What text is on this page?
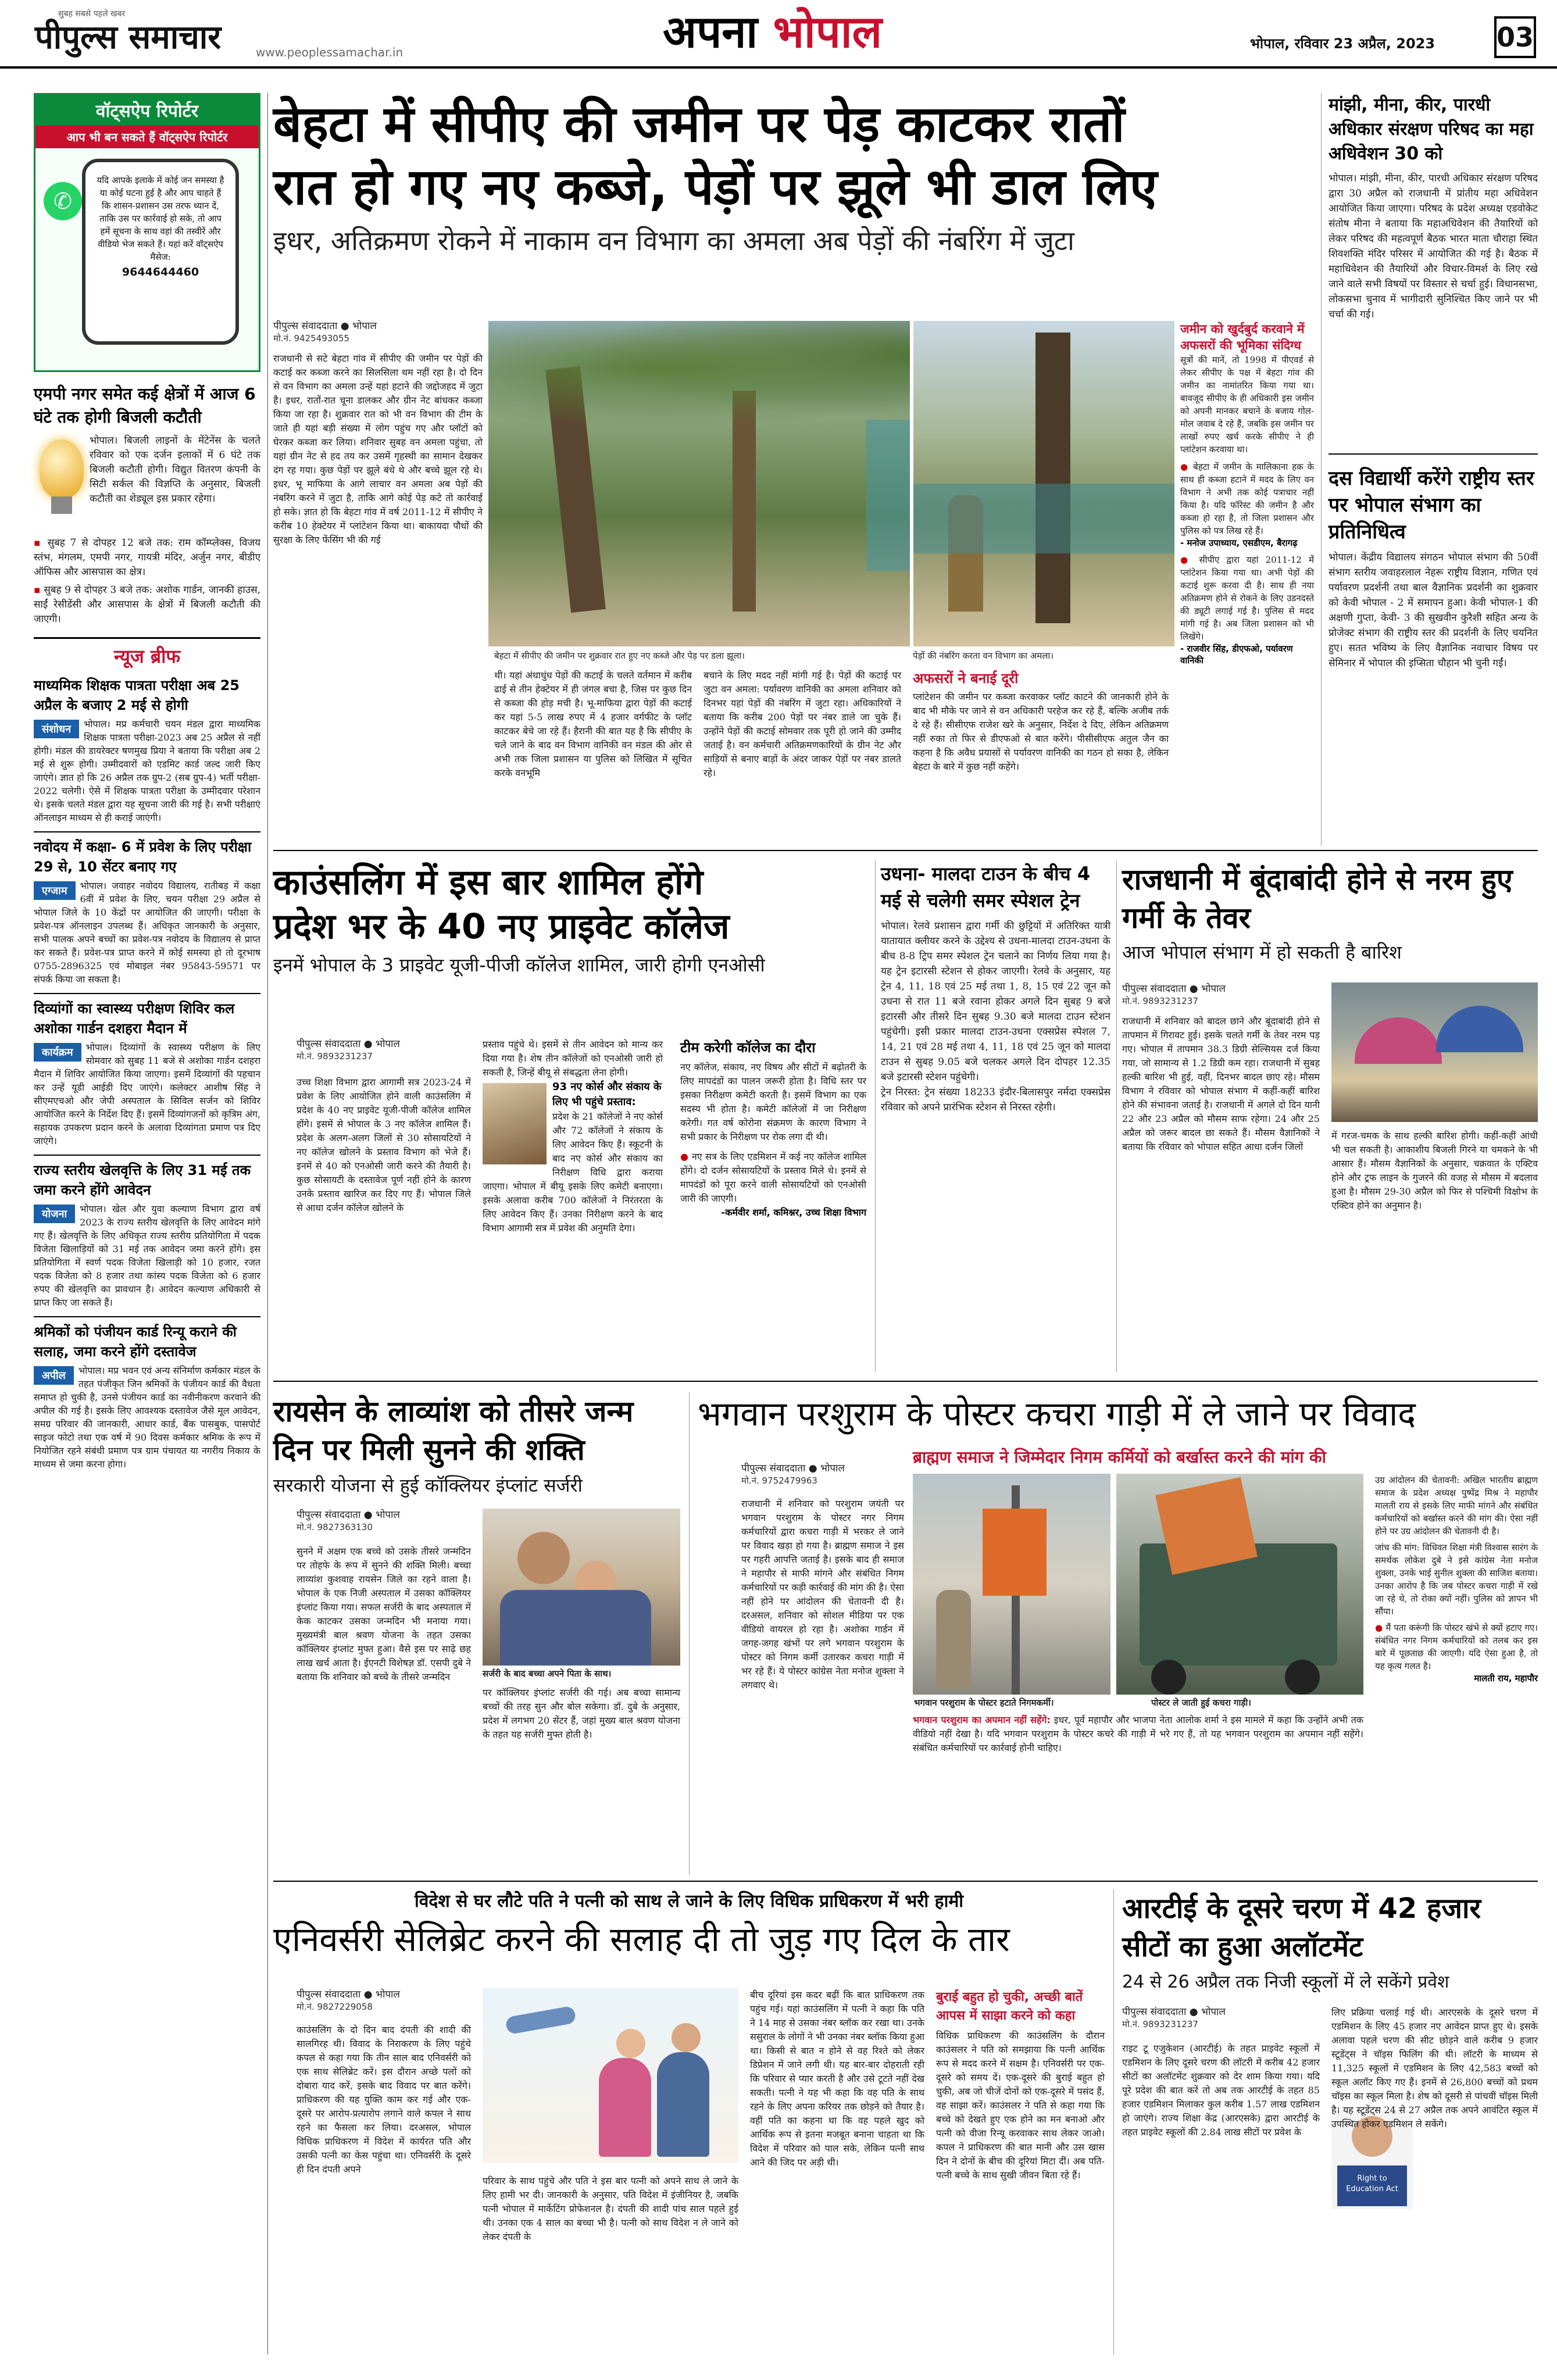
सुबह सबसे पहले खबर
पीपुल्स समाचार	www.peoplessamachar.in	अपना भोपाल	भोपाल, रविवार 23 अप्रैल, 2023 03
वॉट्सऐप रिपोर्टर
आप भी बन सकते हैं वॉट्सऐप रिपोर्टर
✆
यदि आपके इलाके में कोई जन समस्या है या कोई घटना हुई है और आप चाहते हैं कि शासन-प्रशासन उस तरफ ध्यान दें, ताकि उस पर कार्रवाई हो सके, तो आप हमें सूचना के साथ वहां की तस्वीरें और वीडियो भेज सकते हैं। यहां करें वॉट्सऐप मैसेज:
9644644460
एमपी नगर समेत कई क्षेत्रों में आज 6 घंटे तक होगी बिजली कटौती
भोपाल। बिजली लाइनों के मेंटेनेंस के चलते रविवार को एक दर्जन इलाकों में 6 घंटे तक बिजली कटौती होगी। विद्युत वितरण कंपनी के सिटी सर्कल की विज्ञप्ति के अनुसार, बिजली कटौती का शेड्यूल इस प्रकार रहेगा।
▪ सुबह 7 से दोपहर 12 बजे तक: राम कॉम्प्लेक्स, विजय स्तंभ, मंगलम, एमपी नगर, गायत्री मंदिर, अर्जुन नगर, बीडीए ऑफिस और आसपास का क्षेत्र।
▪ सुबह 9 से दोपहर 3 बजे तक: अशोक गार्डन, जानकी हाउस, साईं रेसीडेंसी और आसपास के क्षेत्रों में बिजली कटौती की जाएगी।
न्यूज ब्रीफ
माध्यमिक शिक्षक पात्रता परीक्षा अब 25 अप्रैल के बजाए 2 मई से होगी
संशोधन	भोपाल। मप्र कर्मचारी चयन मंडल द्वारा माध्यमिक शिक्षक पात्रता परीक्षा-2023 अब 25 अप्रैल से नहीं होगी। मंडल की डायरेक्टर षणमुख प्रिया ने बताया कि परीक्षा अब 2 मई से शुरू होगी। उम्मीदवारों को एडमिट कार्ड जल्द जारी किए जाएंगे। ज्ञात हो कि 26 अप्रैल तक ग्रुप-2 (सब ग्रुप-4) भर्ती परीक्षा- 2022 चलेगी। ऐसे में शिक्षक पात्रता परीक्षा के उम्मीदवार परेशान थे। इसके चलते मंडल द्वारा यह सूचना जारी की गई है। सभी परीक्षाएं ऑनलाइन माध्यम से ही कराई जाएंगी।
नवोदय में कक्षा- 6 में प्रवेश के लिए परीक्षा 29 से, 10 सेंटर बनाए गए
एग्जाम	भोपाल। जवाहर नवोदय विद्यालय, रातीबड़ में कक्षा 6वीं में प्रवेश के लिए, चयन परीक्षा 29 अप्रैल से भोपाल जिले के 10 केंद्रों पर आयोजित की जाएगी। परीक्षा के प्रवेश-पत्र ऑनलाइन उपलब्ध हैं। अधिकृत जानकारी के अनुसार, सभी पालक अपने बच्चों का प्रवेश-पत्र नवोदय के विद्यालय से प्राप्त कर सकते हैं। प्रवेश-पत्र प्राप्त करने में कोई समस्या हो तो दूरभाष 0755-2896325 एवं मोबाइल नंबर 95843-59571 पर संपर्क किया जा सकता है।
दिव्यांगों का स्वास्थ्य परीक्षण शिविर कल अशोका गार्डन दशहरा मैदान में
कार्यक्रम	भोपाल। दिव्यांगों के स्वास्थ्य परीक्षण के लिए सोमवार को सुबह 11 बजे से अशोका गार्डन दशहरा मैदान में शिविर आयोजित किया जाएगा। इसमें दिव्यांगों की पहचान कर उन्हें यूडी आईडी दिए जाएंगे। कलेक्टर आशीष सिंह ने सीएमएचओ और जेपी अस्पताल के सिविल सर्जन को शिविर आयोजित करने के निर्देश दिए हैं। इसमें दिव्यांगजनों को कृत्रिम अंग, सहायक उपकरण प्रदान करने के अलावा दिव्यांगता प्रमाण पत्र दिए जाएंगे।
राज्य स्तरीय खेलवृत्ति के लिए 31 मई तक जमा करने होंगे आवेदन
योजना	भोपाल। खेल और युवा कल्याण विभाग द्वारा वर्ष 2023 के राज्य स्तरीय खेलवृत्ति के लिए आवेदन मांगे गए हैं। खेलवृत्ति के लिए अधिकृत राज्य स्तरीय प्रतियोगिता में पदक विजेता खिलाड़ियों को 31 मई तक आवेदन जमा करने होंगे। इस प्रतियोगिता में स्वर्ण पदक विजेता खिलाड़ी को 10 हजार, रजत पदक विजेता को 8 हजार तथा कांस्य पदक विजेता को 6 हजार रुपए की खेलवृत्ति का प्रावधान है। आवेदन कल्याण अधिकारी से प्राप्त किए जा सकते हैं।
श्रमिकों को पंजीयन कार्ड रिन्यू कराने की सलाह, जमा करने होंगे दस्तावेज
अपील	भोपाल। मप्र भवन एवं अन्य संनिर्माण कर्मकार मंडल के तहत पंजीकृत जिन श्रमिकों के पंजीयन कार्ड की वैधता समाप्त हो चुकी है, उनसे पंजीयन कार्ड का नवीनीकरण करवाने की अपील की गई है। इसके लिए आवश्यक दस्तावेज जैसे मूल आवेदन, समग्र परिवार की जानकारी, आधार कार्ड, बैंक पासबुक, पासपोर्ट साइज फोटो तथा एक वर्ष में 90 दिवस कर्मकार श्रमिक के रूप में नियोजित रहने संबंधी प्रमाण पत्र ग्राम पंचायत या नगरीय निकाय के माध्यम से जमा करना होगा।
बेहटा में सीपीए की जमीन पर पेड़ काटकर रातों
रात हो गए नए कब्जे, पेड़ों पर झूले भी डाल लिए
इधर, अतिक्रमण रोकने में नाकाम वन विभाग का अमला अब पेड़ों की नंबरिंग में जुटा
पीपुल्स संवाददाता ● भोपाल
मो.नं. 9425493055
बेहटा में सीपीए की जमीन पर शुक्रवार रात हुए नए कब्जे और पेड़ पर डला झूला।	पेड़ों की नंबरिंग करता वन विभाग का अमला।
राजधानी से सटे बेहटा गांव में सीपीए की जमीन पर पेड़ों की कटाई कर कब्जा करने का सिलसिला थम नहीं रहा है। दो दिन से वन विभाग का अमला उन्हें यहां हटाने की जद्दोजहद में जुटा है। इधर, रातों-रात चूना डालकर और ग्रीन नेट बांधकर कब्जा किया जा रहा है। शुक्रवार रात को भी वन विभाग की टीम के जाते ही यहां बड़ी संख्या में लोग पहुंच गए और प्लॉटों को घेरकर कब्जा कर लिया। शनिवार सुबह वन अमला पहुंचा, तो यहां ग्रीन नेट से हद तय कर उसमें गृहस्थी का सामान देखकर दंग रह गया। कुछ पेड़ों पर झूले बंधे थे और बच्चे झूल रहे थे। इधर, भू माफिया के आगे लाचार वन अमला अब पेड़ों की नंबरिंग करने में जुटा है, ताकि आगे कोई पेड़ कटे तो कार्रवाई हो सके। ज्ञात हो कि बेहटा गांव में वर्ष 2011-12 में सीपीए ने करीब 10 हेक्टेयर में प्लांटेशन किया था। बाकायदा पौधों की सुरक्षा के लिए फेंसिंग भी की गई
थी। यहां अंधाधुंध पेड़ों की कटाई के चलते वर्तमान में करीब ढाई से तीन हेक्टेयर में ही जंगल बचा है, जिस पर कुछ दिन से कब्जा की होड़ मची है। भू-माफिया द्वारा पेड़ों की कटाई कर यहां 5-5 लाख रुपए में 4 हजार वर्गफीट के प्लॉट काटकर बेचे जा रहे हैं। हैरानी की बात यह है कि सीपीए के चले जाने के बाद वन विभाग वानिकी वन मंडल की ओर से अभी तक जिला प्रशासन या पुलिस को लिखित में सूचित करके वनभूमि
बचाने के लिए मदद नहीं मांगी गई है। पेड़ों की कटाई पर जुटा वन अमला: पर्यावरण वानिकी का अमला शनिवार को दिनभर यहां पेड़ों की नंबरिंग में जुटा रहा। अधिकारियों ने बताया कि करीब 200 पेड़ों पर नंबर डाले जा चुके हैं। उन्होंने पेड़ों की कटाई सोमवार तक पूरी हो जाने की उम्मीद जताई है। वन कर्मचारी अतिक्रमणकारियों के ग्रीन नेट और साड़ियों से बनाए बाड़ों के अंदर जाकर पेड़ों पर नंबर डालते रहे।
अफसरों ने बनाई दूरी
प्लांटेशन की जमीन पर कब्जा करवाकर प्लॉट काटने की जानकारी होने के बाद भी मौके पर जाने से वन अधिकारी परहेज कर रहे हैं, बल्कि अजीब तर्क दे रहे हैं। सीसीएफ राजेश खरे के अनुसार, निर्देश दे दिए, लेकिन अतिक्रमण नहीं रुका तो फिर से डीएफओ से बात करेंगे। पीसीसीएफ अतुल जैन का कहना है कि अवैध प्रयासों से पर्यावरण वानिकी का गठन हो सका है, लेकिन बेहटा के बारे में कुछ नहीं कहेंगे।
जमीन को खुर्दबुर्द करवाने में अफसरों की भूमिका संदिग्ध
सूत्रों की मानें, तो 1998 में पीएवर्ड से लेकर सीपीए के पक्ष में बेहटा गांव की जमीन का नामांतरित किया गया था। बावजूद सीपीए के ही अधिकारी इस जमीन को अपनी मानकर बचाने के बजाय गोल-मोल जवाब दे रहे हैं, जबकि इस जमीन पर लाखों रुपए खर्च करके सीपीए ने ही प्लांटेशन करवाया था।
● बेहटा में जमीन के मालिकाना हक के साथ ही कब्जा हटाने में मदद के लिए वन विभाग ने अभी तक कोई पत्राचार नहीं किया है। यदि फॉरेस्ट की जमीन है और कब्जा हो रहा है, तो जिला प्रशासन और पुलिस को पत्र लिख रहे हैं।
- मनोज उपाध्याय, एसडीएम, बैरागढ़
● सीपीए द्वारा यहां 2011-12 में प्लांटेशन किया गया था। अभी पेड़ों की कटाई शुरू करवा दी है। साथ ही नया अतिक्रमण होने से रोकने के लिए उडनदस्ते की ड्यूटी लगाई गई है। पुलिस से मदद मांगी गई है। अब जिला प्रशासन को भी लिखेंगे।
- राजवीर सिंह, डीएफओ, पर्यावरण वानिकी
मांझी, मीना, कीर, पारधी अधिकार संरक्षण परिषद का महा अधिवेशन 30 को
भोपाल। मांझी, मीना, कीर, पारधी अधिकार संरक्षण परिषद द्वारा 30 अप्रैल को राजधानी में प्रांतीय महा अधिवेशन आयोजित किया जाएगा। परिषद के प्रदेश अध्यक्ष एडवोकेट संतोष मीना ने बताया कि महाअधिवेशन की तैयारियों को लेकर परिषद की महत्वपूर्ण बैठक भारत माता चौराहा स्थित शिवशक्ति मंदिर परिसर में आयोजित की गई है। बैठक में महाधिवेशन की तैयारियों और विचार-विमर्श के लिए रखे जाने वाले सभी विषयों पर विस्तार से चर्चा हुई। विधानसभा, लोकसभा चुनाव में भागीदारी सुनिश्चित किए जाने पर भी चर्चा की गई।
दस विद्यार्थी करेंगे राष्ट्रीय स्तर पर भोपाल संभाग का प्रतिनिधित्व
भोपाल। केंद्रीय विद्यालय संगठन भोपाल संभाग की 50वीं संभाग स्तरीय जवाहरलाल नेहरू राष्ट्रीय विज्ञान, गणित एवं पर्यावरण प्रदर्शनी तथा बाल वैज्ञानिक प्रदर्शनी का शुक्रवार को केवी भोपाल - 2 में समापन हुआ। केवी भोपाल-1 की अक्षणी गुप्ता, केवी- 3 की सुखवीन कुरैशी सहित अन्य के प्रोजेक्ट संभाग की राष्ट्रीय स्तर की प्रदर्शनी के लिए चयनित हुए। सतत भविष्य के लिए वैज्ञानिक नवाचार विषय पर सेमिनार में भोपाल की इप्सिता चौहान भी चुनी गईं।
काउंसलिंग में इस बार शामिल होंगे
प्रदेश भर के 40 नए प्राइवेट कॉलेज
इनमें भोपाल के 3 प्राइवेट यूजी-पीजी कॉलेज शामिल, जारी होगी एनओसी
पीपुल्स संवाददाता ● भोपाल
मो.नं. 9893231237
उच्च शिक्षा विभाग द्वारा आगामी सत्र 2023-24 में प्रवेश के लिए आयोजित होने वाली काउंसलिंग में प्रदेश के 40 नए प्राइवेट यूजी-पीजी कॉलेज शामिल होंगे। इसमें से भोपाल के 3 नए कॉलेज शामिल हैं। प्रदेश के अलग-अलग जिलों से 30 सोसायटियों ने नए कॉलेज खोलने के प्रस्ताव विभाग को भेजे हैं। इनमें से 40 को एनओसी जारी करने की तैयारी है। कुछ सोसायटी के दस्तावेज पूर्ण नहीं होने के कारण उनके प्रस्ताव खारिज कर दिए गए हैं। भोपाल जिले से आधा दर्जन कॉलेज खोलने के
प्रस्ताव पहुंचे थे। इसमें से तीन आवेदन को मान्य कर दिया गया है। शेष तीन कॉलेजों को एनओसी जारी हो सकती है, जिन्हें बीयू से संबद्धता लेना होगी।
93 नए कोर्स और संकाय के लिए भी पहुंचे प्रस्ताव:
प्रदेश के 21 कॉलेजों ने नए कोर्स और 72 कॉलेजों ने संकाय के लिए आवेदन किए हैं। स्कूटनी के बाद नए कोर्स और संकाय का निरीक्षण विधि द्वारा कराया जाएगा। भोपाल में बीयू इसके लिए कमेटी बनाएगा। इसके अलावा करीब 700 कॉलेजों ने निरंतरता के लिए आवेदन किए हैं। उनका निरीक्षण करने के बाद विभाग आगामी सत्र में प्रवेश की अनुमति देगा।
टीम करेगी कॉलेज का दौरा
नए कॉलेज, संकाय, नए विषय और सीटों में बढ़ोतरी के लिए मापदंडों का पालन जरूरी होता है। विधि स्तर पर इसका निरीक्षण कमेटी करती है। इसमें विभाग का एक सदस्य भी होता है। कमेटी कॉलेजों में जा निरीक्षण करेगी। गत वर्ष कोरोना संक्रमण के कारण विभाग ने सभी प्रकार के निरीक्षण पर रोक लगा दी थी।
● नए सत्र के लिए एडमिशन में कई नए कॉलेज शामिल होंगे। दो दर्जन सोसायटियों के प्रस्ताव मिले थे। इनमें से मापदंडों को पूरा करने वाली सोसायटियों को एनओसी जारी की जाएगी।
-कर्मवीर शर्मा, कमिश्नर, उच्च शिक्षा विभाग
उधना- मालदा टाउन के बीच 4 मई से चलेगी समर स्पेशल ट्रेन
भोपाल। रेलवे प्रशासन द्वारा गर्मी की छुट्टियों में अतिरिक्त यात्री यातायात क्लीयर करने के उद्देश्य से उधना-मालदा टाउन-उधना के बीच 8-8 ट्रिप समर स्पेशल ट्रेन चलाने का निर्णय लिया गया है। यह ट्रेन इटारसी स्टेशन से होकर जाएगी। रेलवे के अनुसार, यह ट्रेन 4, 11, 18 एवं 25 मई तथा 1, 8, 15 एवं 22 जून को उधना से रात 11 बजे रवाना होकर अगले दिन सुबह 9 बजे इटारसी और तीसरे दिन सुबह 9.30 बजे मालदा टाउन स्टेशन पहुंचेगी। इसी प्रकार मालदा टाउन-उधना एक्सप्रेस स्पेशल 7, 14, 21 एवं 28 मई तथा 4, 11, 18 एवं 25 जून को मालदा टाउन से सुबह 9.05 बजे चलकर अगले दिन दोपहर 12.35 बजे इटारसी स्टेशन पहुंचेगी।
ट्रेन निरस्त: ट्रेन संख्या 18233 इंदौर-बिलासपुर नर्मदा एक्सप्रेस रविवार को अपने प्रारंभिक स्टेशन से निरस्त रहेगी।
राजधानी में बूंदाबांदी होने से नरम हुए गर्मी के तेवर
आज भोपाल संभाग में हो सकती है बारिश
पीपुल्स संवाददाता ● भोपाल
मो.नं. 9893231237
राजधानी में शनिवार को बादल छाने और बूंदाबांदी होने से तापमान में गिरावट हुई। इसके चलते गर्मी के तेवर नरम पड़ गए। भोपाल में तापमान 38.3 डिग्री सेल्सियस दर्ज किया गया, जो सामान्य से 1.2 डिग्री कम रहा। राजधानी में सुबह हल्की बारिश भी हुई, वहीं, दिनभर बादल छाए रहे। मौसम विभाग ने रविवार को भोपाल संभाग में कहीं-कहीं बारिश होने की संभावना जताई है। राजधानी में अगले दो दिन यानी 22 और 23 अप्रैल को मौसम साफ रहेगा। 24 और 25 अप्रैल को जरूर बादल छा सकते हैं। मौसम वैज्ञानिकों ने बताया कि रविवार को भोपाल सहित आधा दर्जन जिलों
में गरज-चमक के साथ हल्की बारिश होगी। कहीं-कहीं आंधी भी चल सकती है। आकाशीय बिजली गिरने या चमकने के भी आसार हैं। मौसम वैज्ञानिकों के अनुसार, चक्रवात के एक्टिव होने और ट्रफ लाइन के गुजरने की वजह से मौसम में बदलाव हुआ है। मौसम 29-30 अप्रैल को फिर से पश्चिमी विक्षोभ के एक्टिव होने का अनुमान है।
रायसेन के लाव्यांश को तीसरे जन्म
दिन पर मिली सुनने की शक्ति
सरकारी योजना से हुई कॉक्लियर इंप्लांट सर्जरी
पीपुल्स संवाददाता ● भोपाल
मो.नं. 9827363130
सुनने में अक्षम एक बच्चे को उसके तीसरे जन्मदिन पर तोहफे के रूप में सुनने की शक्ति मिली। बच्चा लाव्यांश कुशवाह रायसेन जिले का रहने वाला है। भोपाल के एक निजी अस्पताल में उसका कॉक्लियर इंप्लांट किया गया। सफल सर्जरी के बाद अस्पताल में केक काटकर उसका जन्मदिन भी मनाया गया। मुख्यमंत्री बाल श्रवण योजना के तहत उसका कॉक्लियर इंप्लांट मुफ्त हुआ। वैसे इस पर साढ़े छह लाख खर्च आता है। ईएनटी विशेषज्ञ डॉ. एसपी दुबे ने बताया कि शनिवार को बच्चे के तीसरे जन्मदिन	सर्जरी के बाद बच्चा अपने पिता के साथ।
पर कॉक्लियर इंप्लांट सर्जरी की गई। अब बच्चा सामान्य बच्चों की तरह सुन और बोल सकेगा। डॉ. दुबे के अनुसार, प्रदेश में लगभग 20 सेंटर हैं, जहां मुख्य बाल श्रवण योजना के तहत यह सर्जरी मुफ्त होती है।
भगवान परशुराम के पोस्टर कचरा गाड़ी में ले जाने पर विवाद
पीपुल्स संवाददाता ● भोपाल
मो.नं. 9752479963
ब्राह्मण समाज ने जिम्मेदार निगम कर्मियों को बर्खास्त करने की मांग की
राजधानी में शनिवार को परशुराम जयंती पर भगवान परशुराम के पोस्टर नगर निगम कर्मचारियों द्वारा कचरा गाड़ी में भरकर ले जाने पर विवाद खड़ा हो गया है। ब्राह्मण समाज ने इस पर गहरी आपत्ति जताई है। इसके बाद ही समाज ने महापौर से माफी मांगने और संबंधित निगम कर्मचारियों पर कड़ी कार्रवाई की मांग की है। ऐसा नहीं होने पर आंदोलन की चेतावनी दी है। दरअसल, शनिवार को सोशल मीडिया पर एक वीडियो वायरल हो रहा है। अशोका गार्डन में जगह-जगह खंभों पर लगे भगवान परशुराम के पोस्टर को निगम कर्मी उतारकर कचरा गाड़ी में भर रहे हैं। ये पोस्टर कांग्रेस नेता मनोज शुक्ला ने लगवाए थे।
भगवान परशुराम के पोस्टर हटाते निगमकर्मी।	पोस्टर ले जाती हुई कचरा गाड़ी।
भगवान परशुराम का अपमान नहीं सहेंगे: इधर, पूर्व महापौर और भाजपा नेता आलोक शर्मा ने इस मामले में कहा कि उन्होंने अभी तक वीडियो नहीं देखा है। यदि भगवान परशुराम के पोस्टर कचरे की गाड़ी में भरे गए हैं, तो यह भगवान परशुराम का अपमान नहीं सहेंगे। संबंधित कर्मचारियों पर कार्रवाई होनी चाहिए।
उग्र आंदोलन की चेतावनी: अखिल भारतीय ब्राह्मण समाज के प्रदेश अध्यक्ष पुष्पेंद्र मिश्र ने महापौर मालती राय से इसके लिए माफी मांगने और संबंधित कर्मचारियों को बर्खास्त करने की मांग की। ऐसा नहीं होने पर उग्र आंदोलन की चेतावनी दी है।
जांच की मांग: विधिवत शिक्षा मंत्री विश्वास सारंग के समर्थक लोकेश दुबे ने इसे कांग्रेस नेता मनोज शुक्ला, उनके भाई सुनील शुक्ला की साजिश बताया। उनका आरोप है कि जब पोस्टर कचरा गाड़ी में रखे जा रहे थे, तो रोका क्यों नहीं। पुलिस को ज्ञापन भी सौंपा।
● मैं पता करूंगी कि पोस्टर खंभे से क्यों हटाए गए। संबंधित नगर निगम कर्मचारियों को तलब कर इस बारे में पूछताछ की जाएगी। यदि ऐसा हुआ है, तो यह कृत्य गलत है।
मालती राय, महापौर
विदेश से घर लौटे पति ने पत्नी को साथ ले जाने के लिए विधिक प्राधिकरण में भरी हामी
एनिवर्सरी सेलिब्रेट करने की सलाह दी तो जुड़ गए दिल के तार
पीपुल्स संवाददाता ● भोपाल
मो.नं. 9827229058
काउंसलिंग के दो दिन बाद दंपती की शादी की सालगिरह थी। विवाद के निराकरण के लिए पहुंचे कपल से कहा गया कि तीन साल बाद एनिवर्सरी को एक साथ सेलिब्रेट करें। इस दौरान अच्छे पलों को दोबारा याद करें, इसके बाद विवाद पर बात करेंगे। प्राधिकरण की यह युक्ति काम कर गई और एक-दूसरे पर आरोप-प्रत्यारोप लगाने वाले कपल ने साथ रहने का फैसला कर लिया। दरअसल, भोपाल विधिक प्राधिकरण में विदेश में कार्यरत पति और उसकी पत्नी का केस पहुंचा था। एनिवर्सरी के दूसरे ही दिन दंपती अपने
परिवार के साथ पहुंचे और पति ने इस बार पत्नी को अपने साथ ले जाने के लिए हामी भर दी। जानकारी के अनुसार, पति विदेश में इंजीनियर है, जबकि पत्नी भोपाल में मार्केटिंग प्रोफेशनल है। दंपती की शादी पांच साल पहले हुई थी। उनका एक 4 साल का बच्चा भी है। पत्नी को साथ विदेश न ले जाने को लेकर दंपती के
बीच दूरियां इस कदर बढ़ीं कि बात प्राधिकरण तक पहुंच गई। यहां काउंसलिंग में पत्नी ने कहा कि पति ने 14 माह से उसका नंबर ब्लॉक कर रखा था। उनके ससुराल के लोगों ने भी उनका नंबर ब्लॉक किया हुआ था। किसी से बात न होने से वह रिश्ते को लेकर डिप्रेशन में जाने लगी थी। यह बार-बार दोहराती रही कि परिवार से प्यार करती है और उसे टूटते नहीं देख सकती। पत्नी ने यह भी कहा कि वह पति के साथ रहने के लिए अपना करियर तक छोड़ने को तैयार है। वहीं पति का कहना था कि वह पहले खुद को आर्थिक रूप से इतना मजबूत बनाना चाहता था कि विदेश में परिवार को पाल सके, लेकिन पत्नी साथ आने की जिद पर अड़ी थी।
बुराई बहुत हो चुकी, अच्छी बातें आपस में साझा करने को कहा
विधिक प्राधिकरण की काउंसलिंग के दौरान काउंसलर ने पति को समझाया कि पत्नी आर्थिक रूप से मदद करने में सक्षम है। एनिवर्सरी पर एक-दूसरे को समय दें। एक-दूसरे की बुराई बहुत हो चुकी, अब जो चीजें दोनों को एक-दूसरे में पसंद हैं, वह साझा करें। काउंसलर ने पति से कहा गया कि बच्चे को देखते हुए एक होने का मन बनाओ और पत्नी को वीजा रिन्यू करवाकर साथ लेकर जाओ। कपल ने प्राधिकरण की बात मानी और उस खास दिन ने दोनों के बीच की दूरियां मिटा दीं। अब पति-पत्नी बच्चे के साथ सुखी जीवन बिता रहे हैं।
आरटीई के दूसरे चरण में 42 हजार सीटों का हुआ अलॉटमेंट
24 से 26 अप्रैल तक निजी स्कूलों में ले सकेंगे प्रवेश
पीपुल्स संवाददाता ● भोपाल
मो.नं. 9893231237
राइट टू एजुकेशन (आरटीई) के तहत प्राइवेट स्कूलों में एडमिशन के लिए दूसरे चरण की लॉटरी में करीब 42 हजार सीटों का अलॉटमेंट शुक्रवार को देर शाम किया गया। यदि पूरे प्रदेश की बात करें तो अब तक आरटीई के तहत 85 हजार एडमिशन मिलाकर कुल करीब 1.57 लाख एडमिशन हो जाएंगे। राज्य शिक्षा केंद्र (आरएसके) द्वारा आरटीई के तहत प्राइवेट स्कूलों की 2.84 लाख सीटों पर प्रवेश के
Right to Education Act
लिए प्रक्रिया चलाई गई थी। आरएसके के दूसरे चरण में एडमिशन के लिए 45 हजार नए आवेदन प्राप्त हुए थे। इसके अलावा पहले चरण की सीट छोड़ने वाले करीब 9 हजार स्टूडेंट्स ने चॉइस फिलिंग की थी। लॉटरी के माध्यम से 11,325 स्कूलों में एडमिशन के लिए 42,583 बच्चों को स्कूल अलॉट किए गए हैं। इनमें से 26,800 बच्चों को प्रथम चॉइस का स्कूल मिला है। शेष को दूसरी से पांचवीं चॉइस मिली है। यह स्टूडेंट्स 24 से 27 अप्रैल तक अपने आवंटित स्कूल में उपस्थित होकर एडमिशन ले सकेंगे।
